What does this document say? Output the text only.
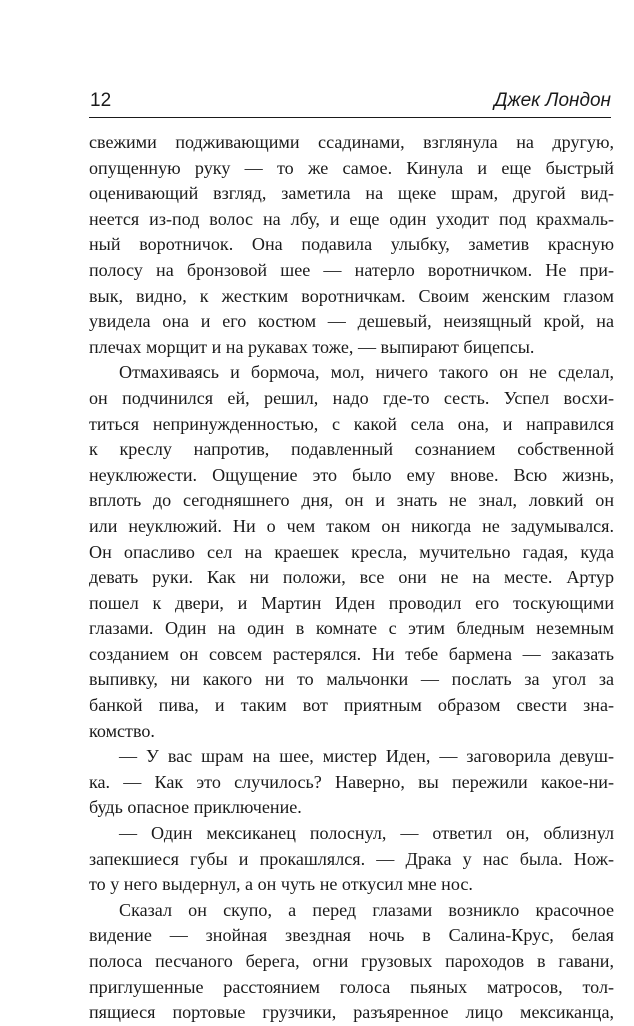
12	Джек Лондон
свежими подживающими ссадинами, взглянула на другую,
опущенную руку — то же самое. Кинула и еще быстрый
оценивающий взгляд, заметила на щеке шрам, другой вид-
неется из-под волос на лбу, и еще один уходит под крахмаль-
ный воротничок. Она подавила улыбку, заметив красную
полосу на бронзовой шее — натерло воротничком. Не при-
вык, видно, к жестким воротничкам. Своим женским глазом
увидела она и его костюм — дешевый, неизящный крой, на
плечах морщит и на рукавах тоже, — выпирают бицепсы.
Отмахиваясь и бормоча, мол, ничего такого он не сделал,
он подчинился ей, решил, надо где-то сесть. Успел восхи-
титься непринужденностью, с какой села она, и направился
к креслу напротив, подавленный сознанием собственной
неуклюжести. Ощущение это было ему внове. Всю жизнь,
вплоть до сегодняшнего дня, он и знать не знал, ловкий он
или неуклюжий. Ни о чем таком он никогда не задумывался.
Он опасливо сел на краешек кресла, мучительно гадая, куда
девать руки. Как ни положи, все они не на месте. Артур
пошел к двери, и Мартин Иден проводил его тоскующими
глазами. Один на один в комнате с этим бледным неземным
созданием он совсем растерялся. Ни тебе бармена — заказать
выпивку, ни какого ни то мальчонки — послать за угол за
банкой пива, и таким вот приятным образом свести зна-
комство.
— У вас шрам на шее, мистер Иден, — заговорила девуш-
ка. — Как это случилось? Наверно, вы пережили какое-ни-
будь опасное приключение.
— Один мексиканец полоснул, — ответил он, облизнул
запекшиеся губы и прокашлялся. — Драка у нас была. Нож-
то у него выдернул, а он чуть не откусил мне нос.
Сказал он скупо, а перед глазами возникло красочное
видение — знойная звездная ночь в Салина-Крус, белая
полоса песчаного берега, огни грузовых пароходов в гавани,
приглушенные расстоянием голоса пьяных матросов, тол-
пящиеся портовые грузчики, разъяренное лицо мексиканца,
